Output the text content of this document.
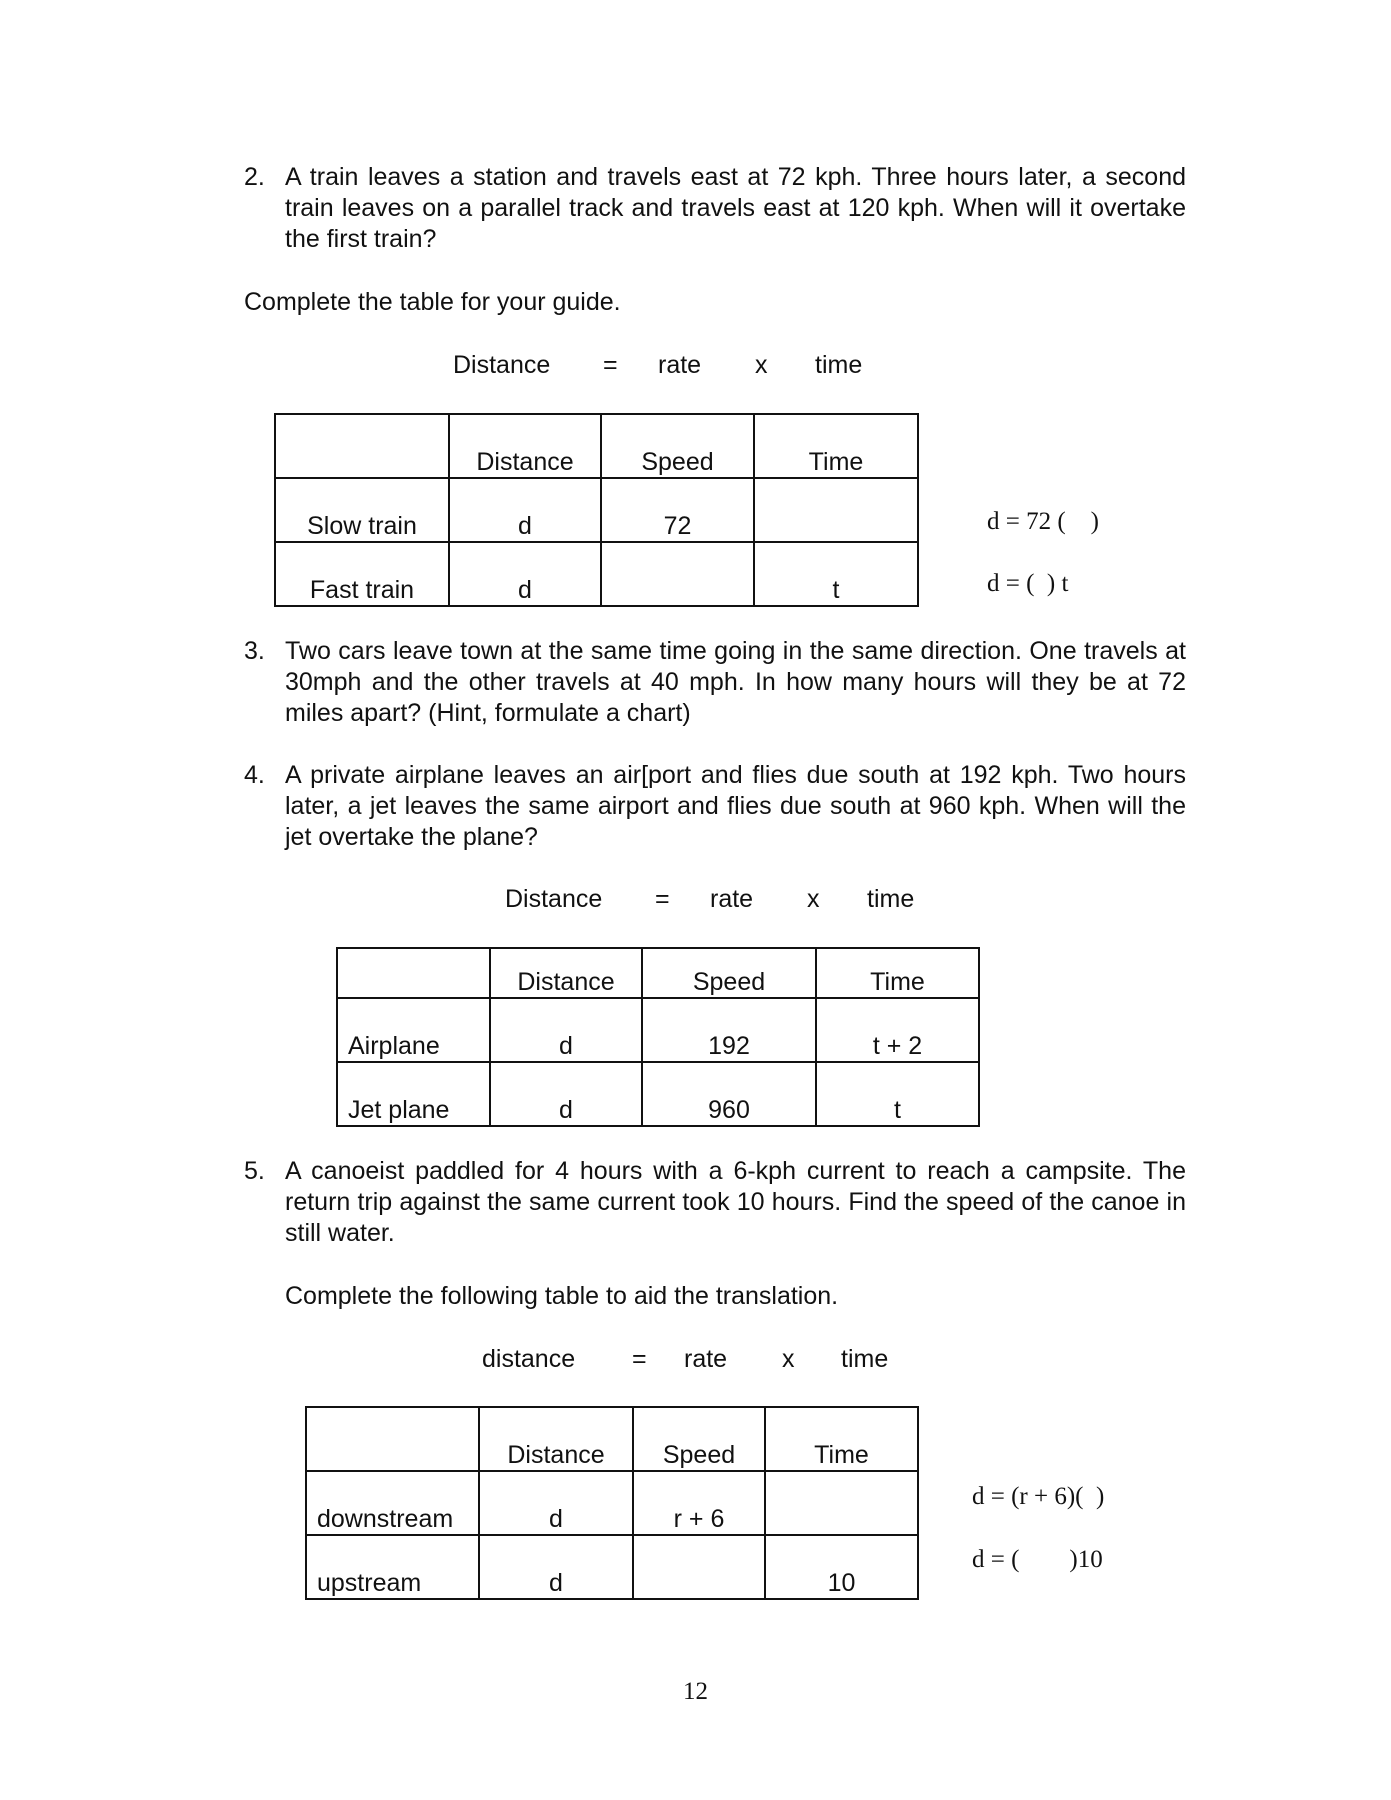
2. A train leaves a station and travels east at 72 kph. Three hours later, a second train leaves on a parallel track and travels east at 120 kph. When will it overtake the first train?
Complete the table for your guide.
Distance = rate x time
	Distance	Speed	Time
Slow train	d	72	
Fast train	d		t
d = 72 (    )
d = (  ) t
3. Two cars leave town at the same time going in the same direction. One travels at 30mph and the other travels at 40 mph. In how many hours will they be at 72 miles apart? (Hint, formulate a chart)
4. A private airplane leaves an air[port and flies due south at 192 kph. Two hours later, a jet leaves the same airport and flies due south at 960 kph. When will the jet overtake the plane?
Distance = rate x time
	Distance	Speed	Time
Airplane	d	192	t + 2
Jet plane	d	960	t
5. A canoeist paddled for 4 hours with a 6-kph current to reach a campsite. The return trip against the same current took 10 hours. Find the speed of the canoe in still water.
Complete the following table to aid the translation.
distance = rate x time
	Distance	Speed	Time
downstream	d	r + 6	
upstream	d		10
d = (r + 6)(  )
d = (        )10
12
